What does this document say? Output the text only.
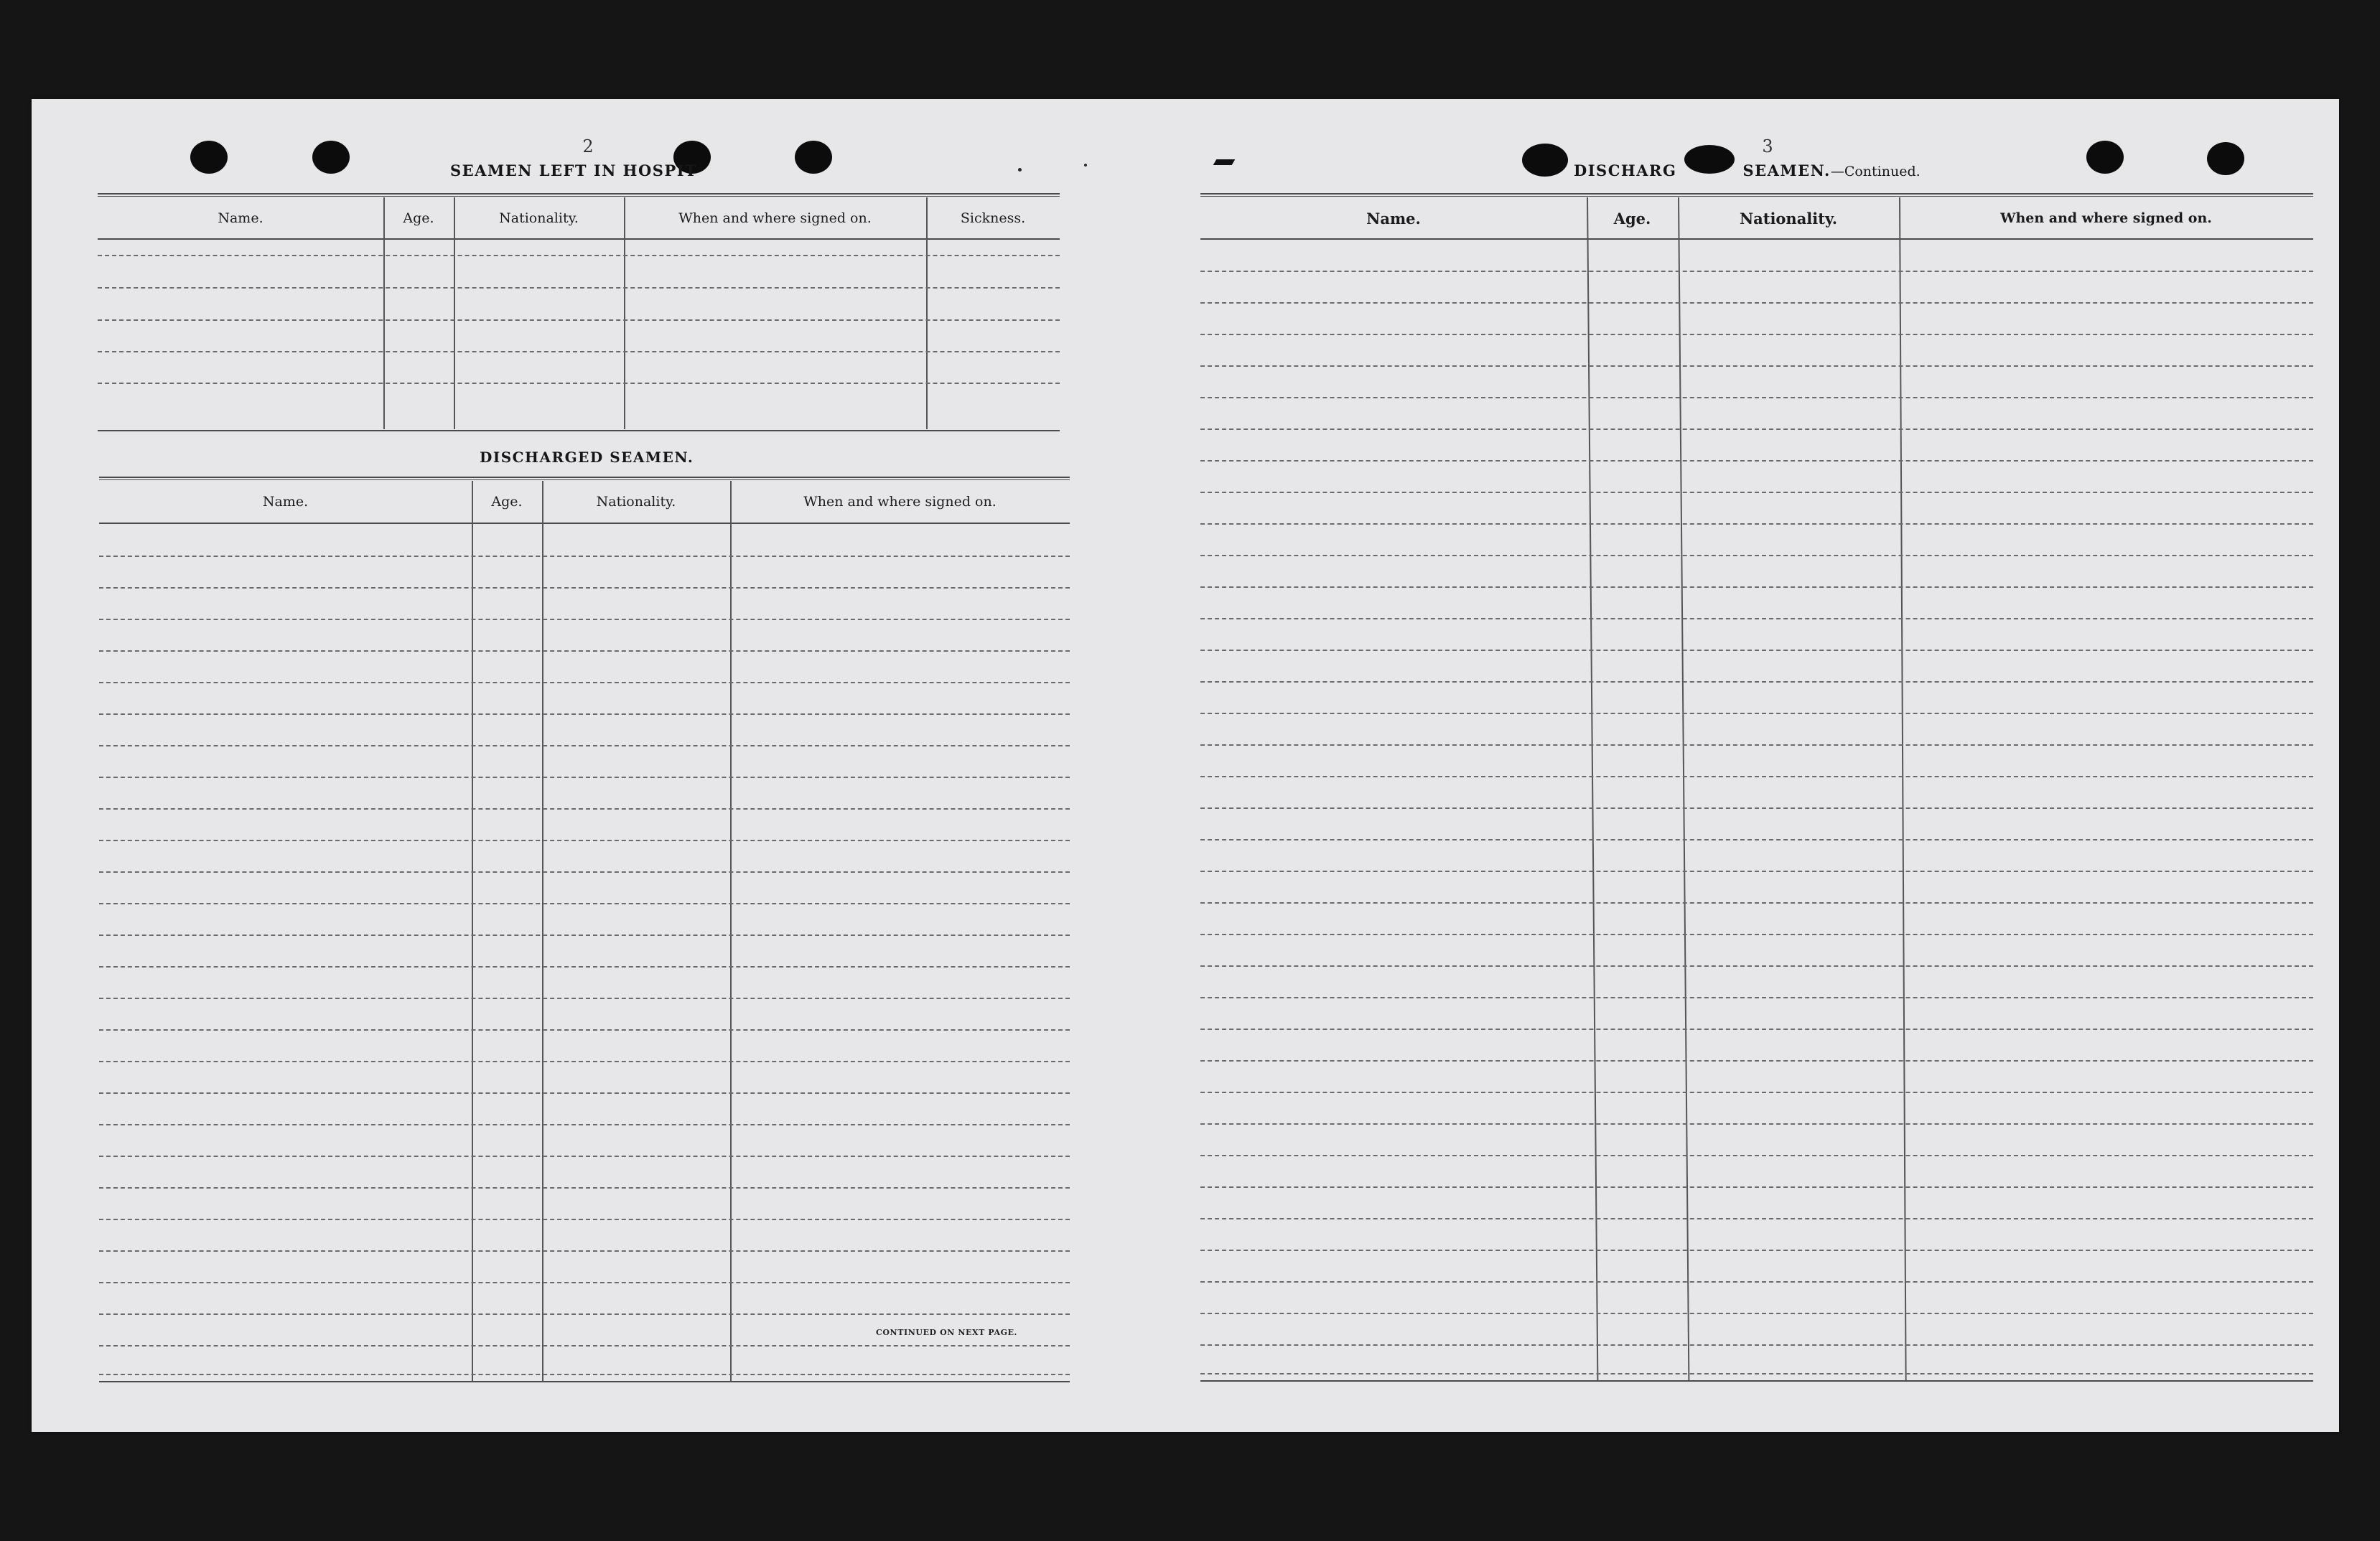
2
SEAMEN LEFT IN HOSPIT
Name.	Age.	Nationality.	When and where signed on.	Sickness.
DISCHARGED SEAMEN.
Name.	Age.	Nationality.	When and where signed on.
CONTINUED ON NEXT PAGE.
3
DISCHARG	SEAMEN.—Continued.
Name.	Age.	Nationality.	When and where signed on.
